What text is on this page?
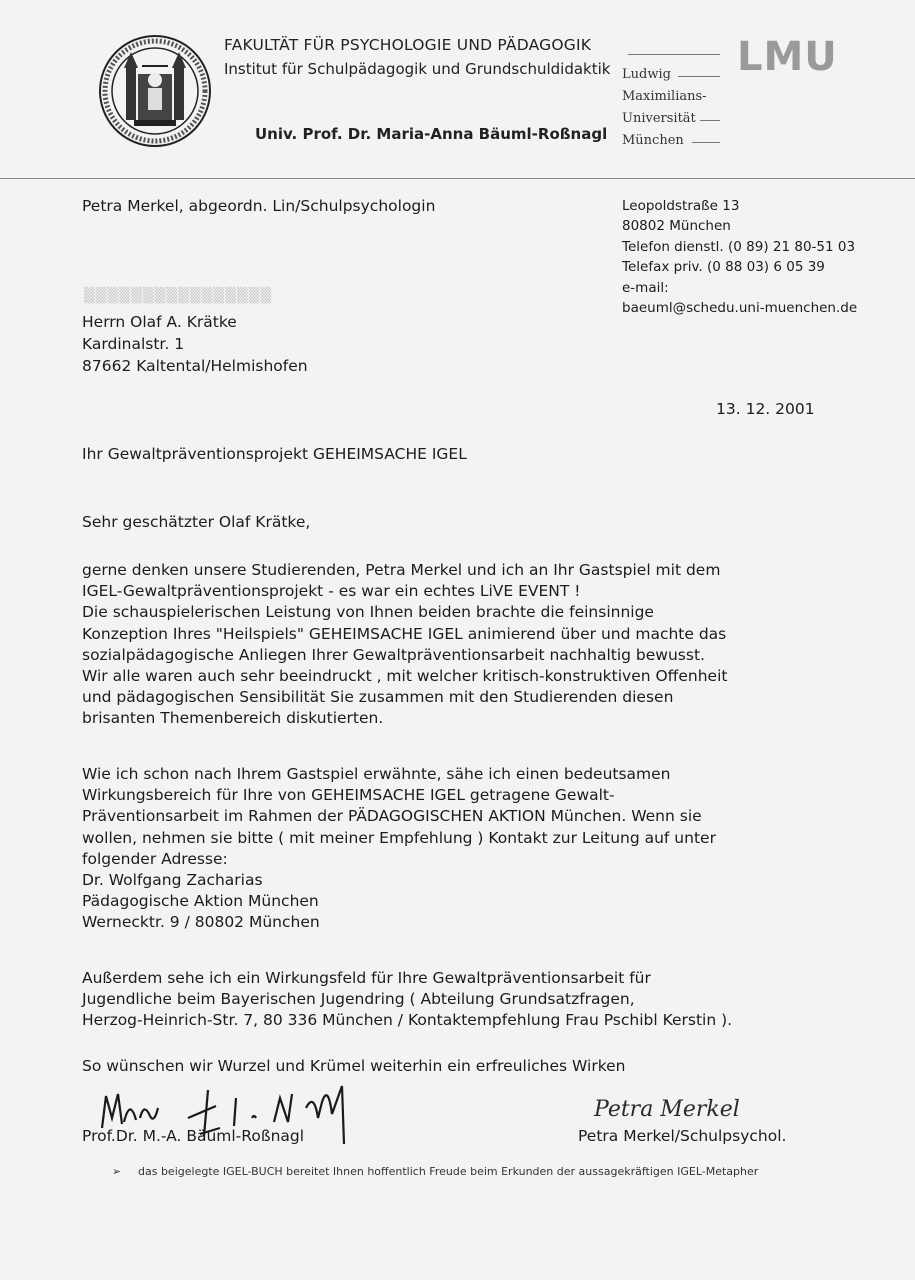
FAKULTÄT FÜR PSYCHOLOGIE UND PÄDAGOGIK
Institut für Schulpädagogik und Grundschuldidaktik
Univ. Prof. Dr. Maria-Anna Bäuml-Roßnagl
Ludwig
Maximilians-
Universität
München
LMU
Petra Merkel, abgeordn. Lin/Schulpsychologin	Leopoldstraße 13
80802 München
Telefon dienstl. (0 89) 21 80-51 03
Telefax priv. (0 88 03) 6 05 39
e-mail:
baeuml@schedu.uni-muenchen.de
▒▒▒▒▒▒▒▒▒▒▒▒▒▒▒▒
Herrn Olaf A. Krätke
Kardinalstr. 1
87662 Kaltental/Helmishofen
13. 12. 2001
Ihr Gewaltpräventionsprojekt GEHEIMSACHE IGEL
Sehr geschätzter Olaf Krätke,
gerne denken unsere Studierenden, Petra Merkel und ich an Ihr Gastspiel mit dem
IGEL-Gewaltpräventionsprojekt - es war ein echtes LiVE EVENT !
Die schauspielerischen Leistung von Ihnen beiden brachte die feinsinnige
Konzeption Ihres "Heilspiels" GEHEIMSACHE IGEL animierend über und machte das
sozialpädagogische Anliegen Ihrer Gewaltpräventionsarbeit nachhaltig bewusst.
Wir alle waren auch sehr beeindruckt , mit welcher kritisch-konstruktiven Offenheit
und pädagogischen Sensibilität Sie zusammen mit den Studierenden diesen
brisanten Themenbereich diskutierten.
Wie ich schon nach Ihrem Gastspiel erwähnte, sähe ich einen bedeutsamen
Wirkungsbereich für Ihre von GEHEIMSACHE IGEL getragene Gewalt-
Präventionsarbeit im Rahmen der PÄDAGOGISCHEN AKTION München. Wenn sie
wollen, nehmen sie bitte ( mit meiner Empfehlung ) Kontakt zur Leitung auf unter
folgender Adresse:
Dr. Wolfgang Zacharias
Pädagogische Aktion München
Wernecktr. 9 / 80802 München
Außerdem sehe ich ein Wirkungsfeld für Ihre Gewaltpräventionsarbeit für
Jugendliche beim Bayerischen Jugendring ( Abteilung Grundsatzfragen,
Herzog-Heinrich-Str. 7, 80 336 München / Kontaktempfehlung Frau Pschibl Kerstin ).
So wünschen wir Wurzel und Krümel weiterhin ein erfreuliches Wirken
Prof.Dr. M.-A. Bäuml-Roßnagl
Petra Merkel
Petra Merkel/Schulpsychol.
➢ das beigelegte IGEL-BUCH bereitet Ihnen hoffentlich Freude beim Erkunden der aussagekräftigen IGEL-Metapher
